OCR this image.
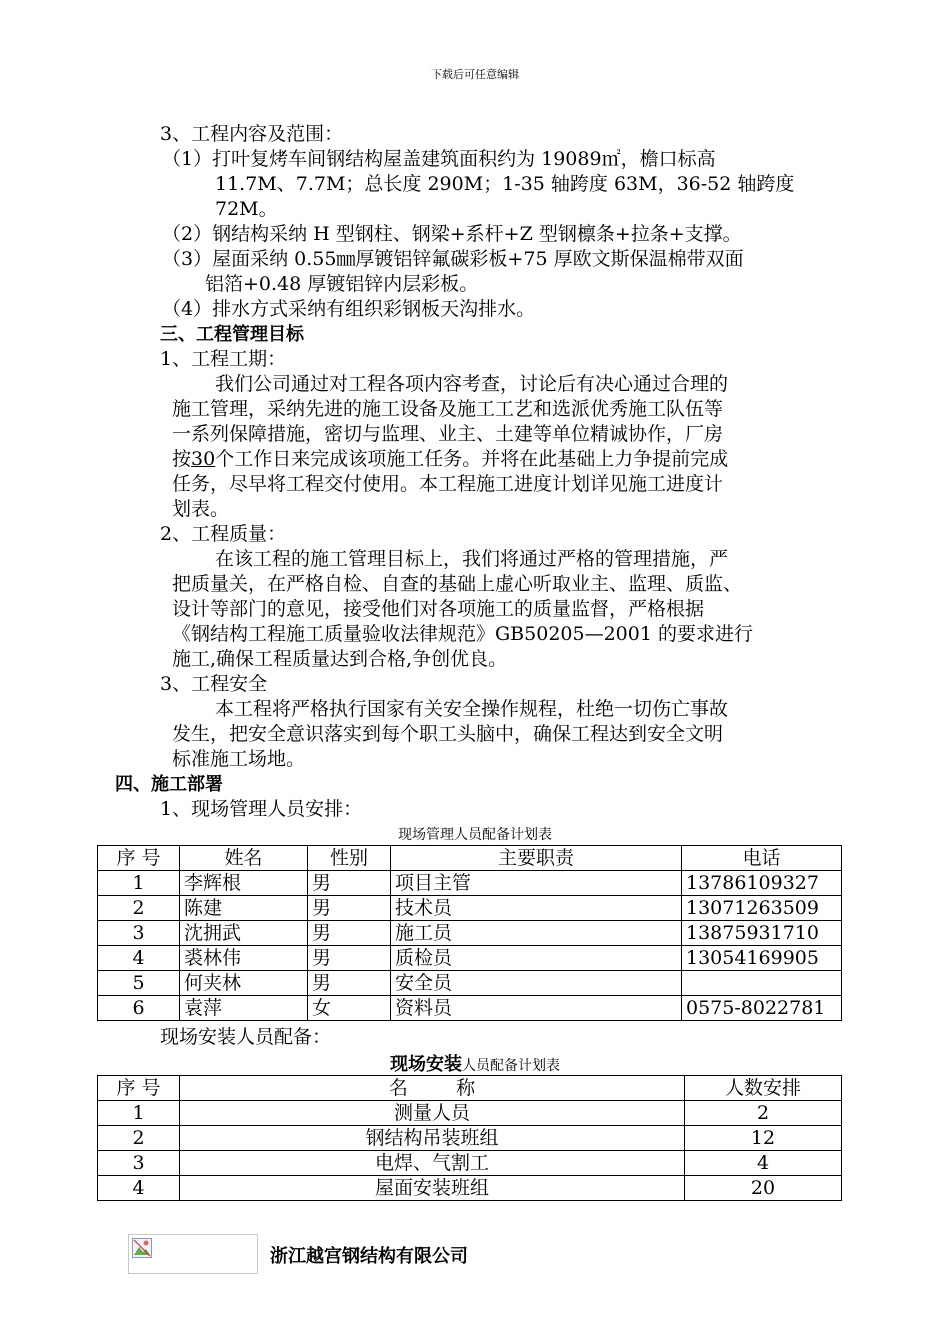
下载后可任意编辑
3、工程内容及范围：
（1）打叶复烤车间钢结构屋盖建筑面积约为 19089㎡，檐口标高
11.7M、7.7M；总长度 290M；1-35 轴跨度 63M，36-52 轴跨度
72M。
（2）钢结构采纳 H 型钢柱、钢梁+系杆+Z 型钢檩条+拉条+支撑。
（3）屋面采纳 0.55㎜厚镀铝锌氟碳彩板+75 厚欧文斯保温棉带双面
铝箔+0.48 厚镀铝锌内层彩板。
（4）排水方式采纳有组织彩钢板天沟排水。
三、工程管理目标
1、工程工期：
我们公司通过对工程各项内容考查，讨论后有决心通过合理的
施工管理，采纳先进的施工设备及施工工艺和选派优秀施工队伍等
一系列保障措施，密切与监理、业主、土建等单位精诚协作，厂房
按30个工作日来完成该项施工任务。并将在此基础上力争提前完成
任务，尽早将工程交付使用。本工程施工进度计划详见施工进度计
划表。
2、工程质量：
在该工程的施工管理目标上，我们将通过严格的管理措施，严
把质量关，在严格自检、自查的基础上虚心听取业主、监理、质监、
设计等部门的意见，接受他们对各项施工的质量监督，严格根据
《钢结构工程施工质量验收法律规范》GB50205—2001 的要求进行
施工,确保工程质量达到合格,争创优良。
3、工程安全
本工程将严格执行国家有关安全操作规程，杜绝一切伤亡事故
发生，把安全意识落实到每个职工头脑中，确保工程达到安全文明
标准施工场地。
四、施工部署
1、现场管理人员安排：
现场管理人员配备计划表
序 号	姓名	性别	主要职责	电话
1	李辉根	男	项目主管	13786109327
2	陈建	男	技术员	13071263509
3	沈拥武	男	施工员	13875931710
4	裘林伟	男	质检员	13054169905
5	何夹林	男	安全员	
6	袁萍	女	资料员	0575-8022781
现场安装人员配备：
现场安装人员配备计划表
序 号	名        称	人数安排
1	测量人员	2
2	钢结构吊装班组	12
3	电焊、气割工	4
4	屋面安装班组	20
浙江越宫钢结构有限公司
